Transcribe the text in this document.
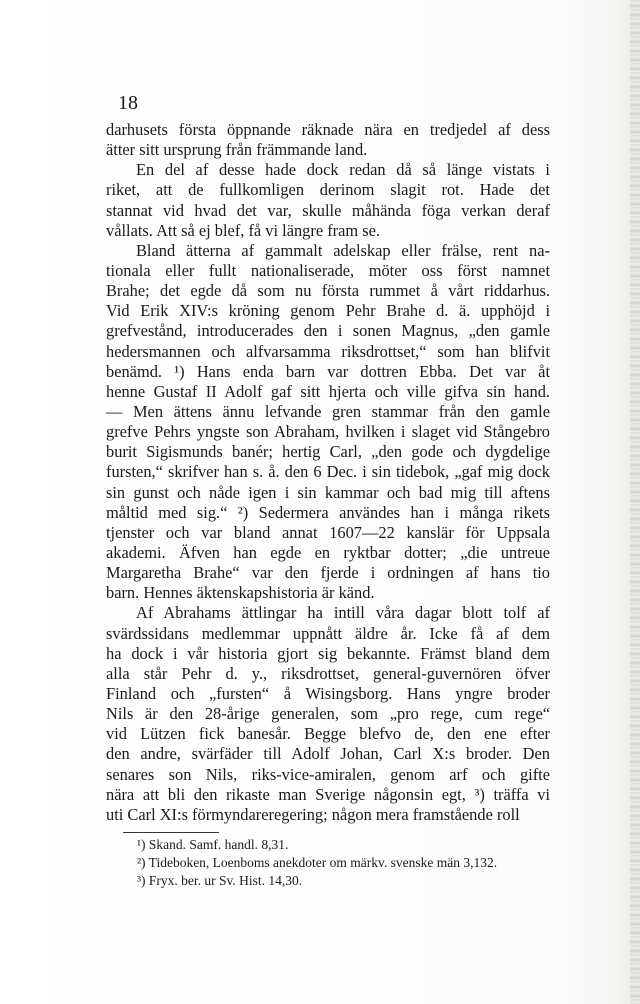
18
darhusets första öppnande räknade nära en tredjedel af dess
ätter sitt ursprung från främmande land.
En del af desse hade dock redan då så länge vistats i
riket, att de fullkomligen derinom slagit rot. Hade det
stannat vid hvad det var, skulle måhända föga verkan deraf
vållats. Att så ej blef, få vi längre fram se.
Bland ätterna af gammalt adelskap eller frälse, rent na-
tionala eller fullt nationaliserade, möter oss först namnet
Brahe; det egde då som nu första rummet å vårt riddarhus.
Vid Erik XIV:s kröning genom Pehr Brahe d. ä. upphöjd i
grefvestånd, introducerades den i sonen Magnus, „den gamle
hedersmannen och alfvarsamma riksdrottset,“ som han blifvit
benämd. ¹) Hans enda barn var dottren Ebba. Det var åt
henne Gustaf II Adolf gaf sitt hjerta och ville gifva sin hand.
— Men ättens ännu lefvande gren stammar från den gamle
grefve Pehrs yngste son Abraham, hvilken i slaget vid Stångebro
burit Sigismunds banér; hertig Carl, „den gode och dygdelige
fursten,“ skrifver han s. å. den 6 Dec. i sin tidebok, „gaf mig dock
sin gunst och nåde igen i sin kammar och bad mig till aftens
måltid med sig.“ ²) Sedermera användes han i många rikets
tjenster och var bland annat 1607—22 kanslär för Uppsala
akademi. Äfven han egde en ryktbar dotter; „die untreue
Margaretha Brahe“ var den fjerde i ordningen af hans tio
barn. Hennes äktenskapshistoria är känd.
Af Abrahams ättlingar ha intill våra dagar blott tolf af
svärdssidans medlemmar uppnått äldre år. Icke få af dem
ha dock i vår historia gjort sig bekannte. Främst bland dem
alla står Pehr d. y., riksdrottset, general-guvernören öfver
Finland och „fursten“ å Wisingsborg. Hans yngre broder
Nils är den 28-årige generalen, som „pro rege, cum rege“
vid Lützen fick banesår. Begge blefvo de, den ene efter
den andre, svärfäder till Adolf Johan, Carl X:s broder. Den
senares son Nils, riks-vice-amiralen, genom arf och gifte
nära att bli den rikaste man Sverige någonsin egt, ³) träffa vi
uti Carl XI:s förmyndareregering; någon mera framstående roll
¹) Skand. Samf. handl. 8,31.
²) Tideboken, Loenboms anekdoter om märkv. svenske män 3,132.
³) Fryx. ber. ur Sv. Hist. 14,30.
